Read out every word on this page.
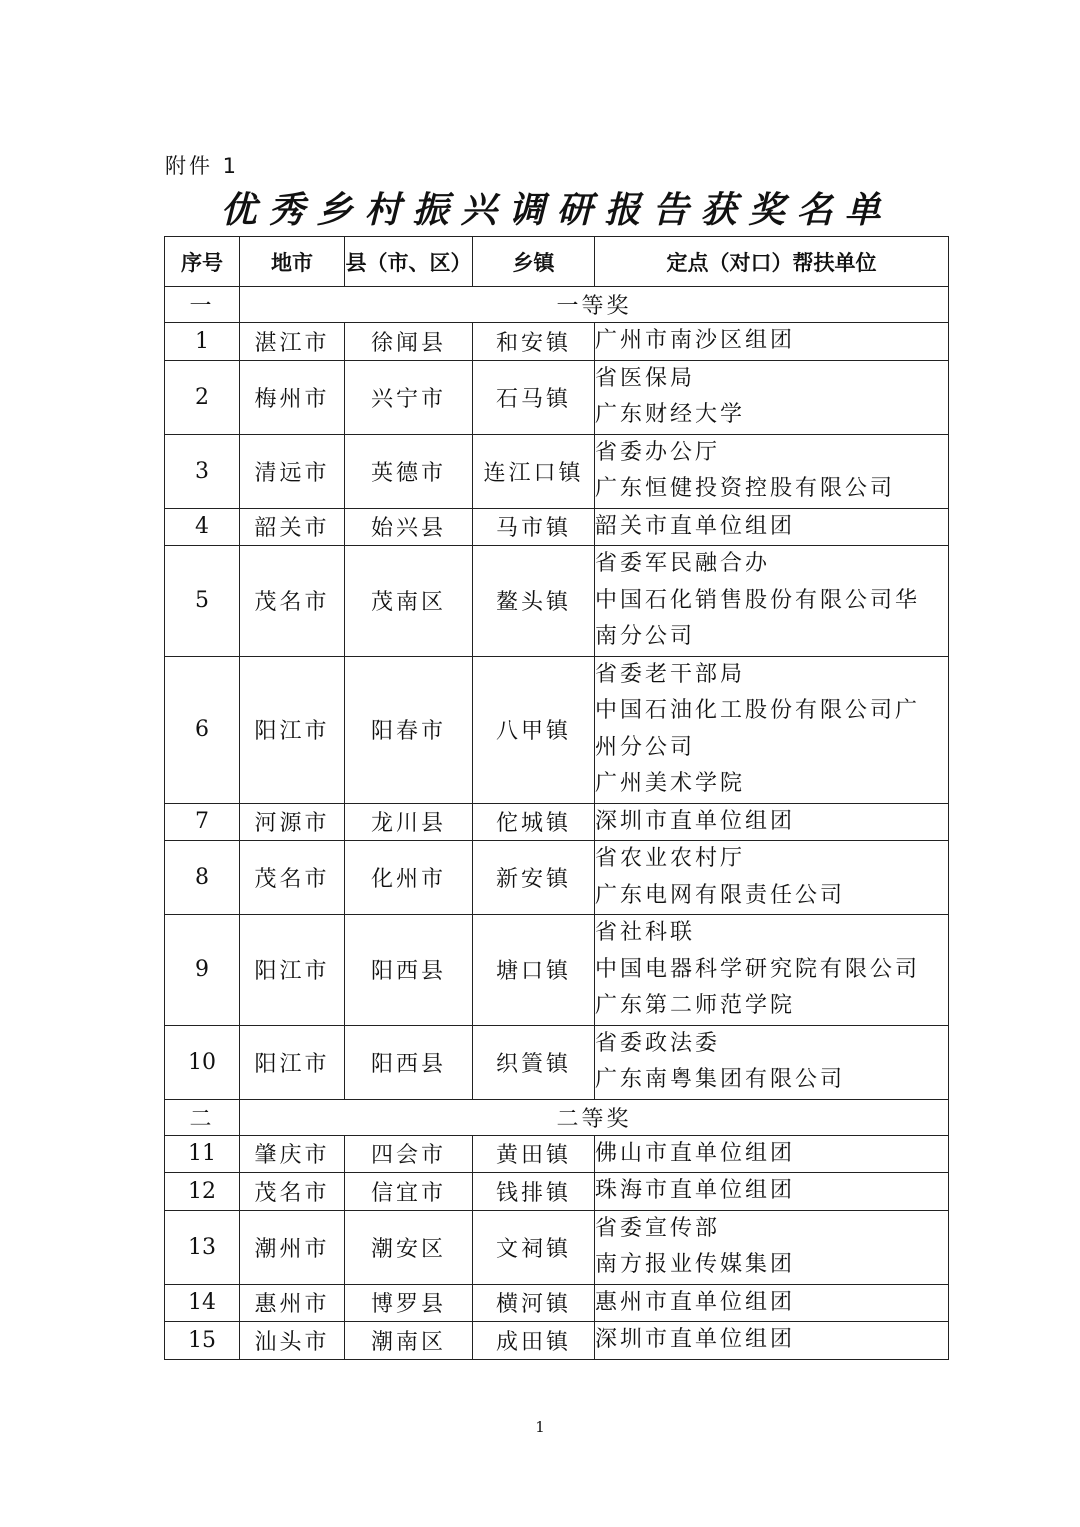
附件 1
优秀乡村振兴调研报告获奖名单
序号	地市	县（市、区）	乡镇	定点（对口）帮扶单位
一	一等奖			
1	湛江市	徐闻县	和安镇	广州市南沙区组团

2	梅州市	兴宁市	石马镇	省医保局
广东财经大学

3	清远市	英德市	连江口镇	省委办公厅
广东恒健投资控股有限公司

4	韶关市	始兴县	马市镇	韶关市直单位组团

5	茂名市	茂南区	鳌头镇	省委军民融合办
中国石化销售股份有限公司华
南分公司

6	阳江市	阳春市	八甲镇	省委老干部局
中国石油化工股份有限公司广
州分公司
广州美术学院

7	河源市	龙川县	佗城镇	深圳市直单位组团

8	茂名市	化州市	新安镇	省农业农村厅
广东电网有限责任公司

9	阳江市	阳西县	塘口镇	省社科联
中国电器科学研究院有限公司
广东第二师范学院

10	阳江市	阳西县	织篢镇	省委政法委
广东南粤集团有限公司

二	二等奖			
11	肇庆市	四会市	黄田镇	佛山市直单位组团

12	茂名市	信宜市	钱排镇	珠海市直单位组团

13	潮州市	潮安区	文祠镇	省委宣传部
南方报业传媒集团

14	惠州市	博罗县	横河镇	惠州市直单位组团

15	汕头市	潮南区	成田镇	深圳市直单位组团
1
